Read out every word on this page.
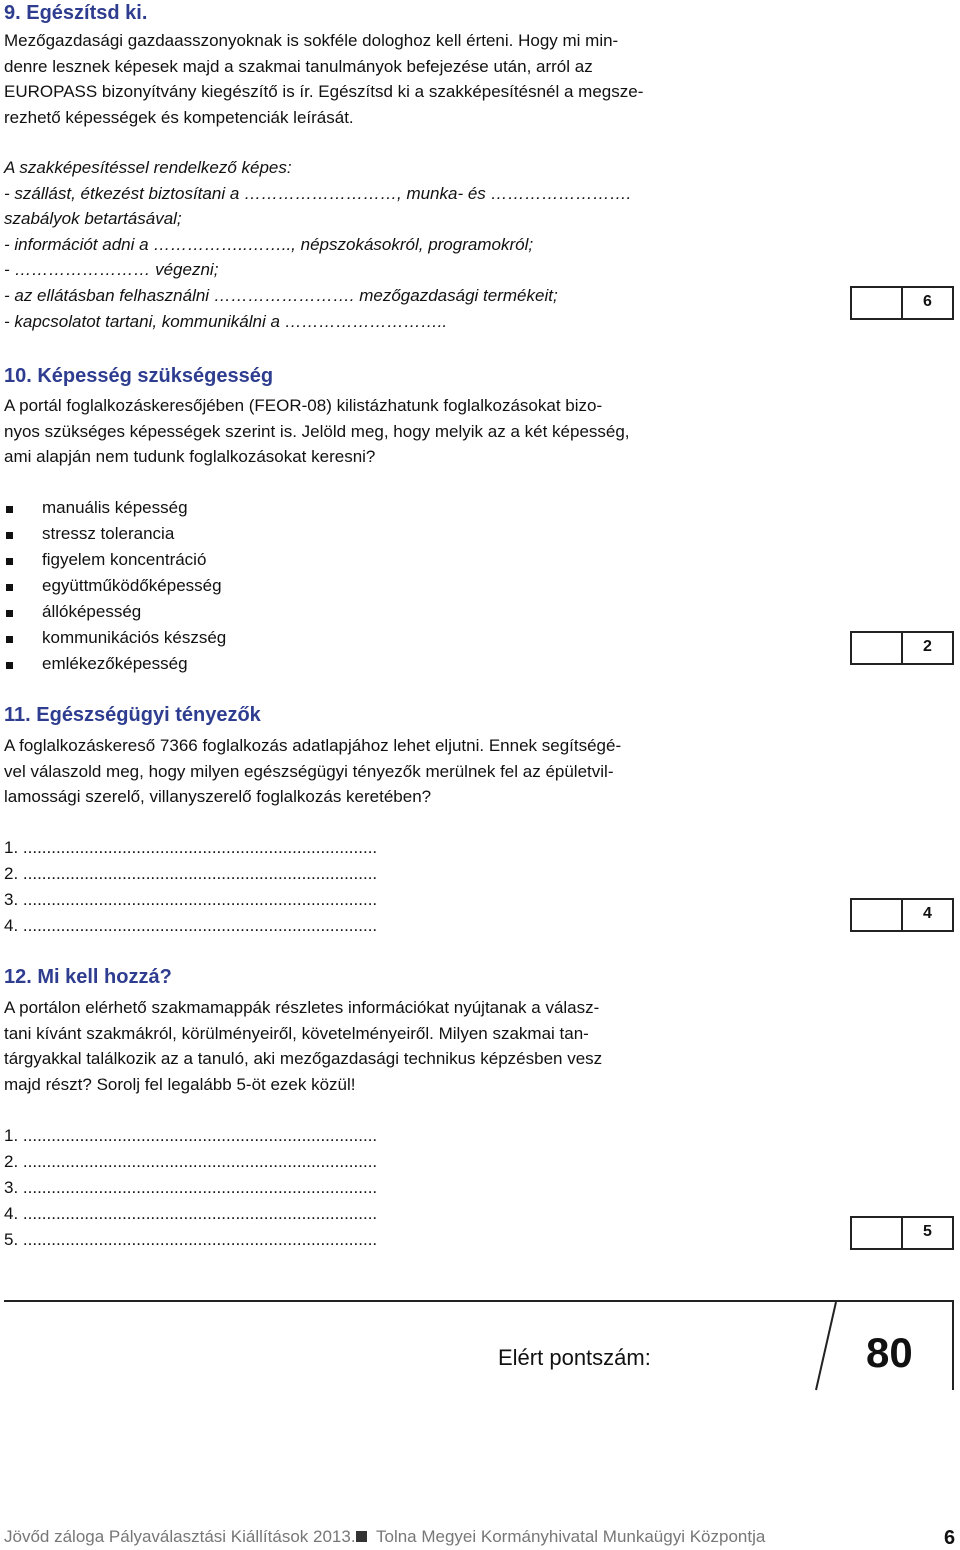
9. Egészítsd ki.
Mezőgazdasági gazdaasszonyoknak is sokféle dologhoz kell érteni. Hogy mi min-
denre lesznek képesek majd a szakmai tanulmányok befejezése után, arról az
EUROPASS bizonyítvány kiegészítő is ír. Egészítsd ki a szakképesítésnél a megsze-
rezhető képességek és kompetenciák leírását.
A szakképesítéssel rendelkező képes:
- szállást, étkezést biztosítani a ………………………, munka- és …………………….
szabályok betartásával;
- információt adni a ……………..…….., népszokásokról, programokról;
- …………………… végezni;
- az ellátásban felhasználni ……………………. mezőgazdasági termékeit;
- kapcsolatot tartani, kommunikálni a ………………………..
6
10. Képesség szükségesség
A portál foglalkozáskeresőjében (FEOR-08) kilistázhatunk foglalkozásokat bizo-
nyos szükséges képességek szerint is. Jelöld meg, hogy melyik az a két képesség,
ami alapján nem tudunk foglalkozásokat keresni?
manuális képesség
stressz tolerancia
figyelem koncentráció
együttműködőképesség
állóképesség
kommunikációs készség
emlékezőképesség
2
11. Egészségügyi tényezők
A foglalkozáskereső 7366 foglalkozás adatlapjához lehet eljutni. Ennek segítségé-
vel válaszold meg, hogy milyen egészségügyi tényezők merülnek fel az épületvil-
lamossági szerelő, villanyszerelő foglalkozás keretében?
1. ...........................................................................
2. ...........................................................................
3. ...........................................................................
4. ...........................................................................
4
12. Mi kell hozzá?
A portálon elérhető szakmamappák részletes információkat nyújtanak a válasz-
tani kívánt szakmákról, körülményeiről, követelményeiről. Milyen szakmai tan-
tárgyakkal találkozik az a tanuló, aki mezőgazdasági technikus képzésben vesz
majd részt? Sorolj fel legalább 5-öt ezek közül!
1. ...........................................................................
2. ...........................................................................
3. ...........................................................................
4. ...........................................................................
5. ...........................................................................	5
Elért pontszám:	80
Jövőd záloga Pályaválasztási Kiállítások 2013. Tolna Megyei Kormányhivatal Munkaügyi Központja	6
